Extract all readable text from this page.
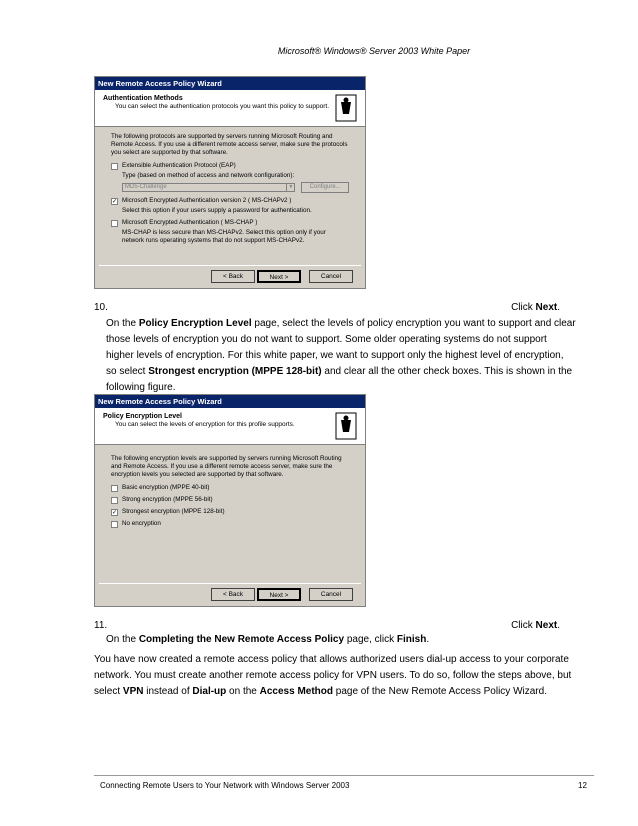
Microsoft® Windows® Server 2003 White Paper
New Remote Access Policy Wizard
Authentication Methods
You can select the authentication protocols you want this policy to support.
The following protocols are supported by servers running Microsoft Routing and Remote Access. If you use a different remote access server, make sure the protocols you select are supported by that software.
Extensible Authentication Protocol (EAP)
Type (based on method of access and network configuration):
MD5-Challenge	▼	Configure...
✓ Microsoft Encrypted Authentication version 2 ( MS-CHAPv2 )
Select this option if your users supply a password for authentication.
Microsoft Encrypted Authentication ( MS-CHAP )
MS-CHAP is less secure than MS-CHAPv2. Select this option only if your network runs operating systems that do not support MS-CHAPv2.
< Back	Next >	Cancel
10.	Click Next.
On the Policy Encryption Level page, select the levels of policy encryption you want to support and clear those levels of encryption you do not want to support. Some older operating systems do not support higher levels of encryption. For this white paper, we want to support only the highest level of encryption, so select Strongest encryption (MPPE 128-bit) and clear all the other check boxes. This is shown in the following figure.
New Remote Access Policy Wizard
Policy Encryption Level
You can select the levels of encryption for this profile supports.
The following encryption levels are supported by servers running Microsoft Routing and Remote Access. If you use a different remote access server, make sure the encryption levels you selected are supported by that software.
Basic encryption (MPPE 40-bit)
Strong encryption (MPPE 56-bit)
✓ Strongest encryption (MPPE 128-bit)
No encryption
< Back	Next >	Cancel
11.	Click Next.
On the Completing the New Remote Access Policy page, click Finish.
You have now created a remote access policy that allows authorized users dial-up access to your corporate network. You must create another remote access policy for VPN users. To do so, follow the steps above, but select VPN instead of Dial-up on the Access Method page of the New Remote Access Policy Wizard.
Connecting Remote Users to Your Network with Windows Server 2003	12
